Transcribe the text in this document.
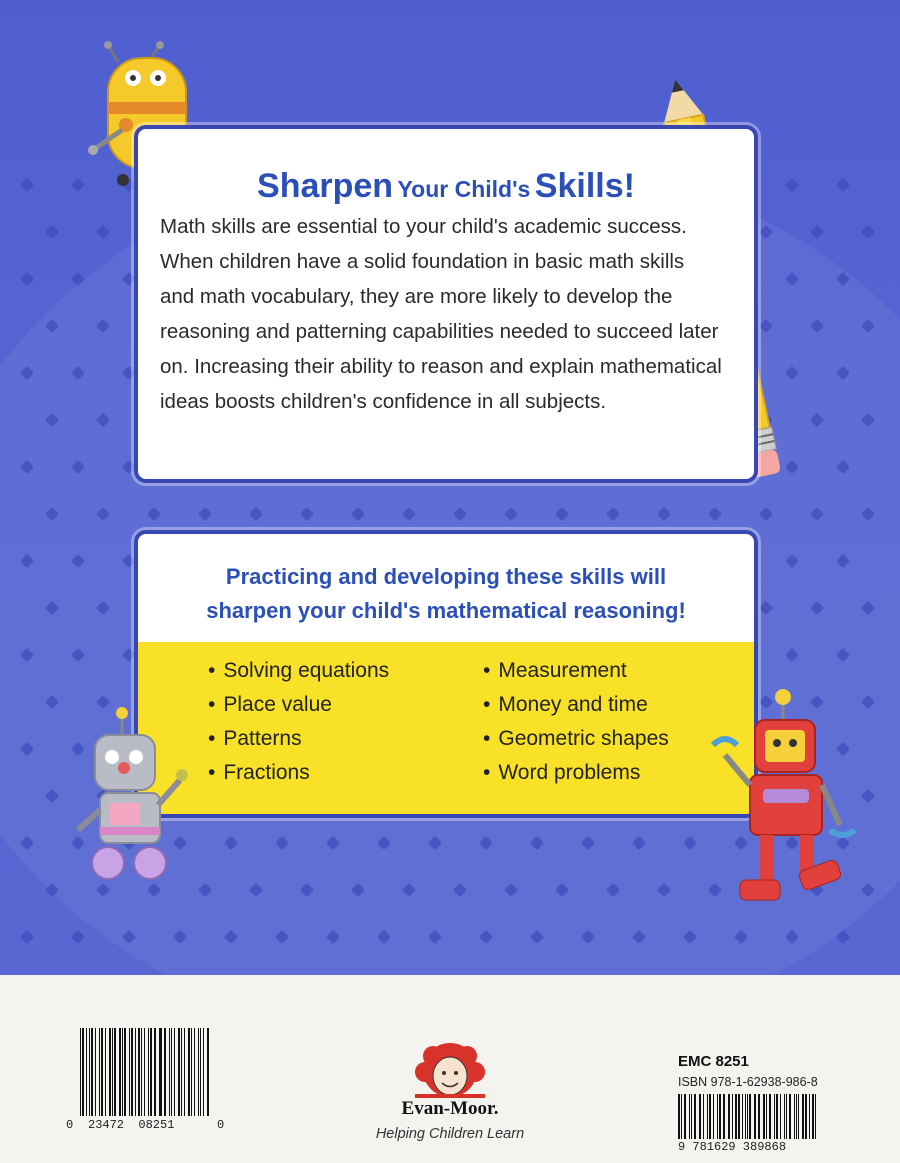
Sharpen Your Child's Skills!
Math skills are essential to your child's academic success. When children have a solid foundation in basic math skills and math vocabulary, they are more likely to develop the reasoning and patterning capabilities needed to succeed later on. Increasing their ability to reason and explain mathematical ideas boosts children's confidence in all subjects.
Practicing and developing these skills will
sharpen your child's mathematical reasoning!
• Solving equations
• Place value
• Patterns
• Fractions
• Measurement
• Money and time
• Geometric shapes
• Word problems
0 23472  08251	0
Evan-Moor.
Helping Children Learn
EMC 8251
ISBN 978-1-62938-986-8
9 781629 389868
